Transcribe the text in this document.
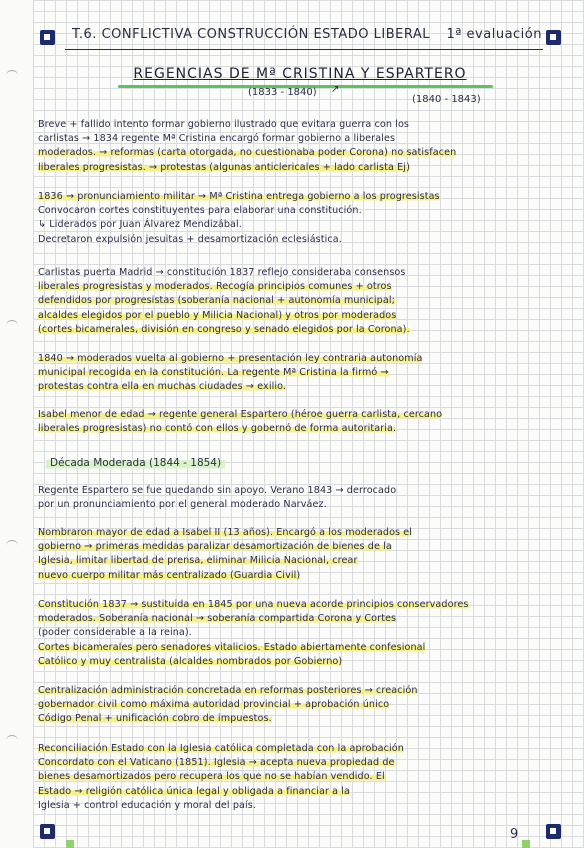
T.6. CONFLICTIVA CONSTRUCCIÓN ESTADO LIBERAL 1ª evaluación
REGENCIAS DE Mª CRISTINA Y ESPARTERO
(1833 - 1840) ↗
(1840 - 1843)
Breve + fallido intento formar gobierno ilustrado que evitara guerra con los
carlistas → 1834 regente Mª Cristina encargó formar gobierno a liberales
moderados. → reformas (carta otorgada, no cuestionaba poder Corona) no satisfacen
liberales progresistas. → protestas (algunas anticlericales + lado carlista Ej)
1836 → pronunciamiento militar → Mª Cristina entrega gobierno a los progresistas
Convocaron cortes constituyentes para elaborar una constitución.
↳ Liderados por Juan Álvarez Mendizábal.
Decretaron expulsión jesuitas + desamortización eclesiástica.
Carlistas puerta Madrid → constitución 1837 reflejo consideraba consensos
liberales progresistas y moderados. Recogía principios comunes + otros
defendidos por progresistas (soberanía nacional + autonomía municipal;
alcaldes elegidos por el pueblo y Milicia Nacional) y otros por moderados
(cortes bicamerales, división en congreso y senado elegidos por la Corona).
1840 → moderados vuelta al gobierno + presentación ley contraria autonomía
municipal recogida en la constitución. La regente Mª Cristina la firmó →
protestas contra ella en muchas ciudades → exilio.
Isabel menor de edad → regente general Espartero (héroe guerra carlista, cercano
liberales progresistas) no contó con ellos y gobernó de forma autoritaria.
Década Moderada (1844 - 1854)
Regente Espartero se fue quedando sin apoyo. Verano 1843 → derrocado
por un pronunciamiento por el general moderado Narváez.
Nombraron mayor de edad a Isabel II (13 años). Encargó a los moderados el
gobierno → primeras medidas paralizar desamortización de bienes de la
Iglesia, limitar libertad de prensa, eliminar Milicia Nacional, crear
nuevo cuerpo militar más centralizado (Guardia Civil)
Constitución 1837 → sustituida en 1845 por una nueva acorde principios conservadores
moderados. Soberanía nacional → soberanía compartida Corona y Cortes
(poder considerable a la reina).
Cortes bicamerales pero senadores vitalicios. Estado abiertamente confesional
Católico y muy centralista (alcaldes nombrados por Gobierno)
Centralización administración concretada en reformas posteriores → creación
gobernador civil como máxima autoridad provincial + aprobación único
Código Penal + unificación cobro de impuestos.
Reconciliación Estado con la Iglesia católica completada con la aprobación
Concordato con el Vaticano (1851). Iglesia → acepta nueva propiedad de
bienes desamortizados pero recupera los que no se habían vendido. El
Estado → religión católica única legal y obligada a financiar a la
Iglesia + control educación y moral del país.
9
